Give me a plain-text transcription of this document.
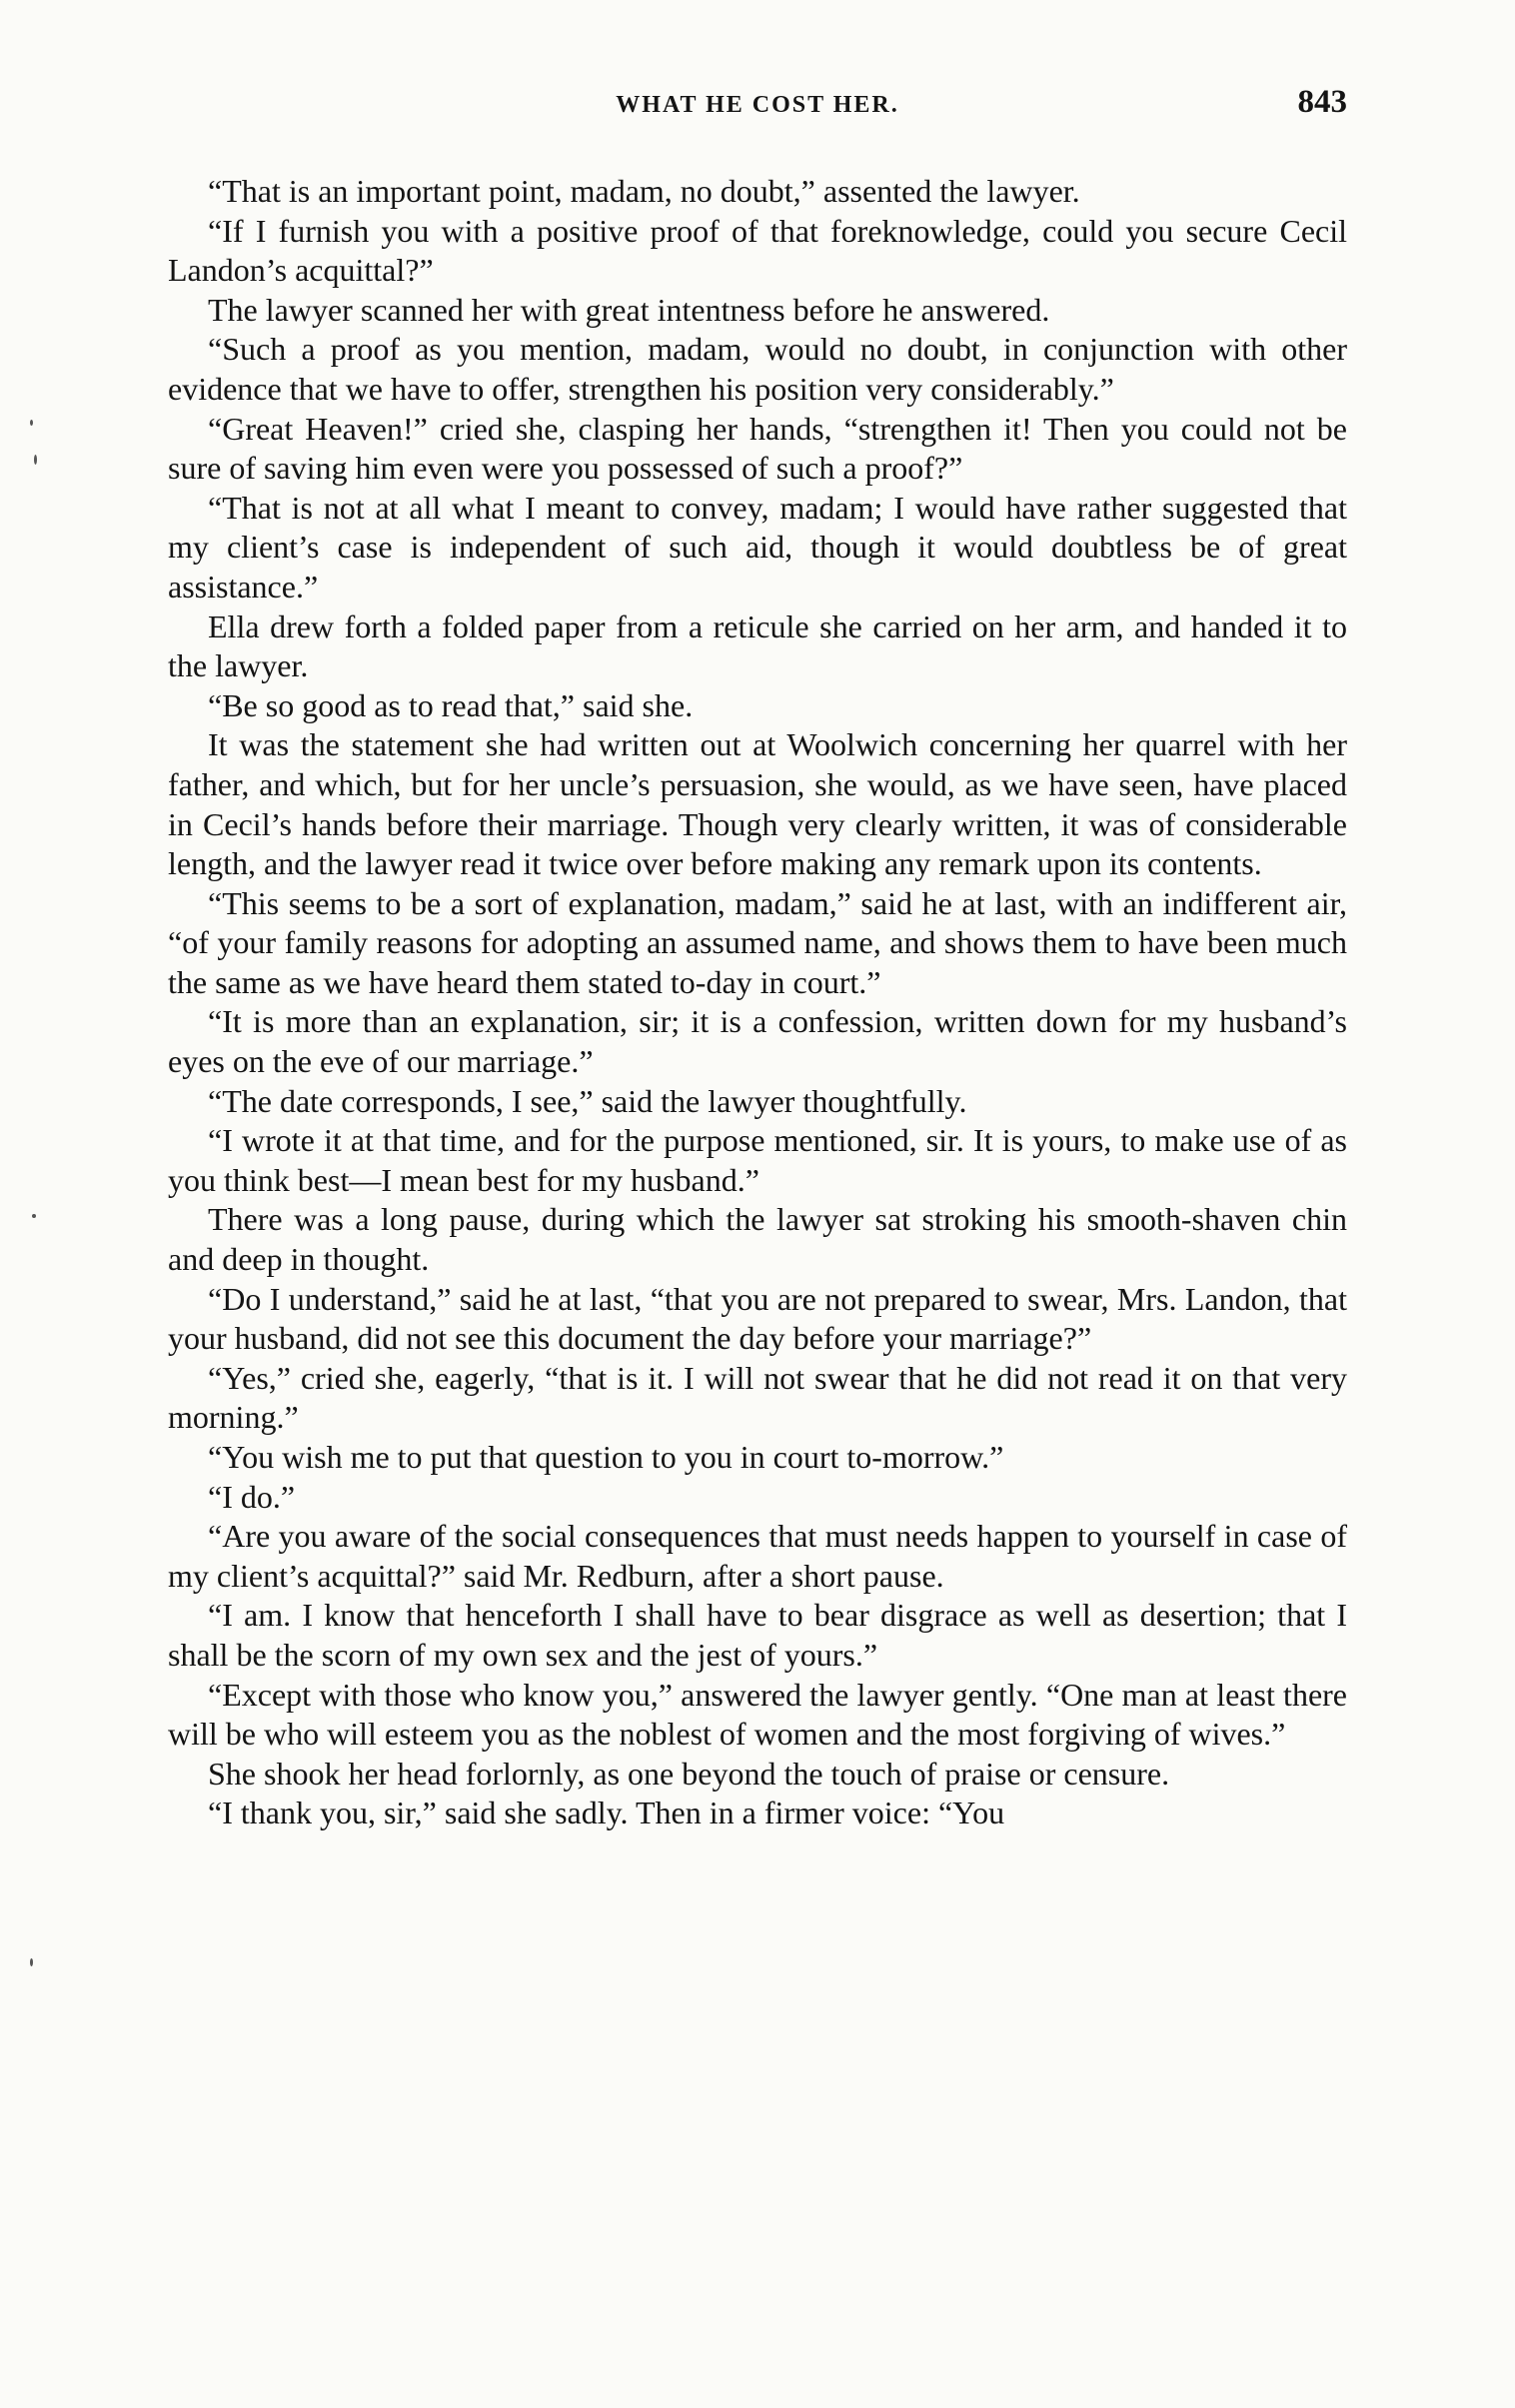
WHAT HE COST HER.	843

“That is an important point, madam, no doubt,” assented the lawyer.

“If I furnish you with a positive proof of that foreknowledge, could you secure Cecil Landon’s acquittal?”

The lawyer scanned her with great intentness before he answered.

“Such a proof as you mention, madam, would no doubt, in conjunction with other evidence that we have to offer, strengthen his position very considerably.”

“Great Heaven!” cried she, clasping her hands, “strengthen it! Then you could not be sure of saving him even were you possessed of such a proof?”

“That is not at all what I meant to convey, madam; I would have rather suggested that my client’s case is independent of such aid, though it would doubtless be of great assistance.”

Ella drew forth a folded paper from a reticule she carried on her arm, and handed it to the lawyer.

“Be so good as to read that,” said she.

It was the statement she had written out at Woolwich concerning her quarrel with her father, and which, but for her uncle’s persuasion, she would, as we have seen, have placed in Cecil’s hands before their marriage. Though very clearly written, it was of considerable length, and the lawyer read it twice over before making any remark upon its contents.

“This seems to be a sort of explanation, madam,” said he at last, with an indifferent air, “of your family reasons for adopting an assumed name, and shows them to have been much the same as we have heard them stated to-day in court.”

“It is more than an explanation, sir; it is a confession, written down for my husband’s eyes on the eve of our marriage.”

“The date corresponds, I see,” said the lawyer thoughtfully.

“I wrote it at that time, and for the purpose mentioned, sir. It is yours, to make use of as you think best—I mean best for my husband.”

There was a long pause, during which the lawyer sat stroking his smooth-shaven chin and deep in thought.

“Do I understand,” said he at last, “that you are not prepared to swear, Mrs. Landon, that your husband, did not see this document the day before your marriage?”

“Yes,” cried she, eagerly, “that is it. I will not swear that he did not read it on that very morning.”

“You wish me to put that question to you in court to-morrow.”

“I do.”

“Are you aware of the social consequences that must needs happen to yourself in case of my client’s acquittal?” said Mr. Redburn, after a short pause.

“I am. I know that henceforth I shall have to bear disgrace as well as desertion; that I shall be the scorn of my own sex and the jest of yours.”

“Except with those who know you,” answered the lawyer gently. “One man at least there will be who will esteem you as the noblest of women and the most forgiving of wives.”

She shook her head forlornly, as one beyond the touch of praise or censure.

“I thank you, sir,” said she sadly. Then in a firmer voice: “You
